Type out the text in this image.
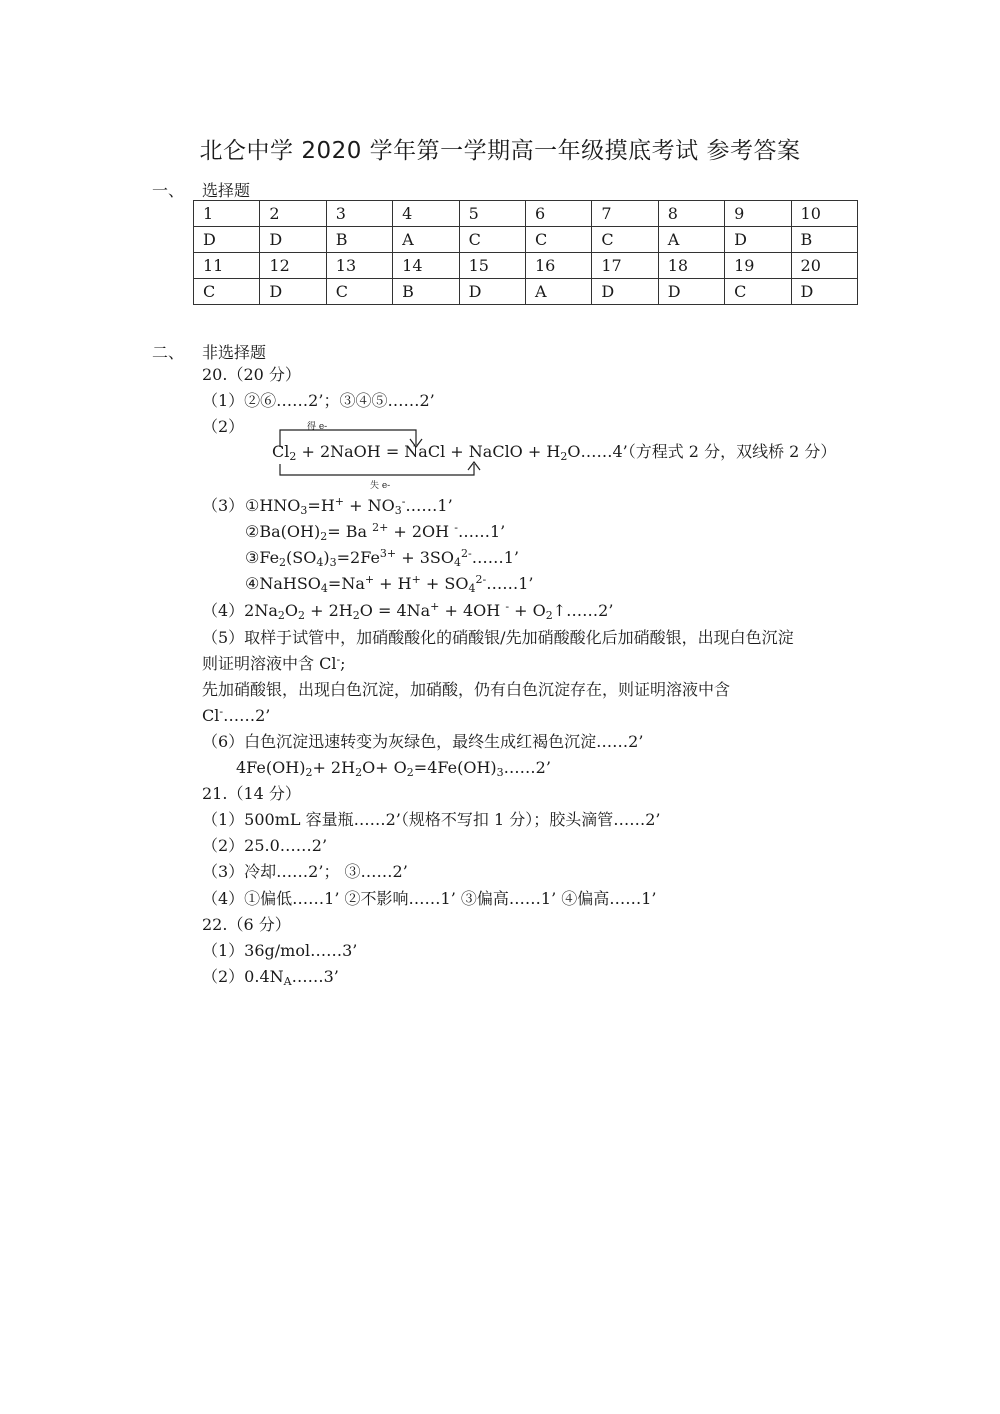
北仑中学 2020 学年第一学期高一年级摸底考试 参考答案
一、 选择题
1	2	3	4	5	6	7	8	9	10
D	D	B	A	C	C	C	A	D	B
11	12	13	14	15	16	17	18	19	20
C	D	C	B	D	A	D	D	C	D
二、 非选择题
20.（20 分）
（1）②⑥……2’；③④⑤……2’
（2）	得 e-
失 e-
$Cl_2$ + 2NaOH = NaCl + NaClO + $H_2O\dots\dots 4$’（方程式 2 分，双线桥 2 分）
（3） $①HNO_3=H^+$ + $NO_3^-\dots\dots 1$’
$②Ba(OH)_2= Ba$ $^{2+}$ + 2OH -……1’
$③Fe_2(SO_4)_3=2Fe^{3+}$ + $3SO_4^{2-}\dots\dots 1$’
④NaHSO$_4$=Na+ + $H^+ + SO_4^{2-}\dots\dots 1$’
$(4)2Na_2O_2 + 2H_2O = 4Na^+ + 4OH$ $^- + O_2↑\dots\dots 2$’
（5）取样于试管中，加硝酸酸化的硝酸银/先加硝酸酸化后加硝酸银，出现白色沉淀
则证明溶液中含 Cl-;
先加硝酸银，出现白色沉淀，加硝酸，仍有白色沉淀存在，则证明溶液中含
Cl-……2’
（6）白色沉淀迅速转变为灰绿色，最终生成红褐色沉淀……2’
$4Fe(OH)_2+ 2H_2O+$ $O_2=4Fe(OH)_3\dots\dots 2$’
21.（14 分）
（1）500mL 容量瓶……2’（规格不写扣 1 分）；胶头滴管……2’
（2）25.0……2’
（3）冷却……2’； ③……2’
（4）①偏低……1’ ②不影响……1’ ③偏高……1’ ④偏高……1’
22.（6 分）
（1）36g/mol……3’
$(2)0.4N_A\dots\dots 3$’
